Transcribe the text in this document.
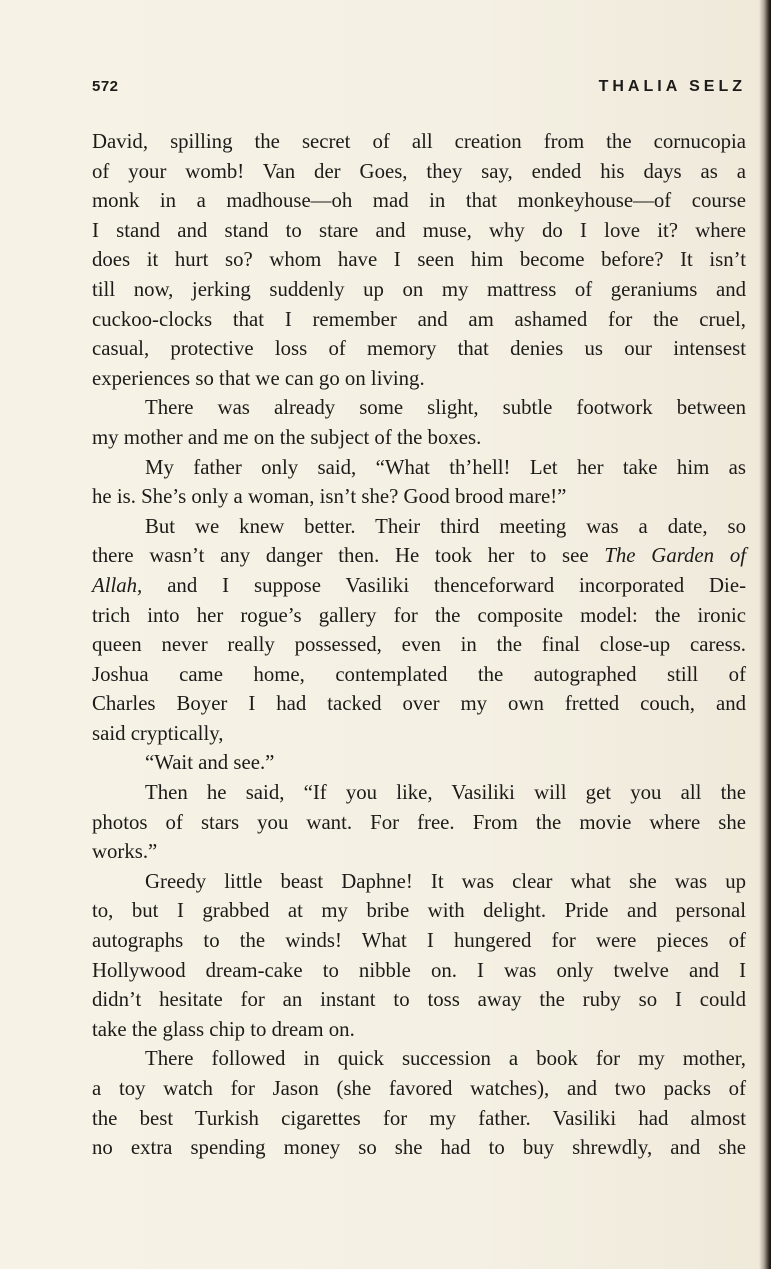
572	THALIA SELZ
David, spilling the secret of all creation from the cornucopia
of your womb! Van der Goes, they say, ended his days as a
monk in a madhouse—oh mad in that monkeyhouse—of course
I stand and stand to stare and muse, why do I love it? where
does it hurt so? whom have I seen him become before? It isn’t
till now, jerking suddenly up on my mattress of geraniums and
cuckoo-clocks that I remember and am ashamed for the cruel,
casual, protective loss of memory that denies us our intensest
experiences so that we can go on living.
There was already some slight, subtle footwork between
my mother and me on the subject of the boxes.
My father only said, “What th’hell! Let her take him as
he is. She’s only a woman, isn’t she? Good brood mare!”
But we knew better. Their third meeting was a date, so
there wasn’t any danger then. He took her to see The Garden of
Allah, and I suppose Vasiliki thenceforward incorporated Die-
trich into her rogue’s gallery for the composite model: the ironic
queen never really possessed, even in the final close-up caress.
Joshua came home, contemplated the autographed still of
Charles Boyer I had tacked over my own fretted couch, and
said cryptically,
“Wait and see.”
Then he said, “If you like, Vasiliki will get you all the
photos of stars you want. For free. From the movie where she
works.”
Greedy little beast Daphne! It was clear what she was up
to, but I grabbed at my bribe with delight. Pride and personal
autographs to the winds! What I hungered for were pieces of
Hollywood dream-cake to nibble on. I was only twelve and I
didn’t hesitate for an instant to toss away the ruby so I could
take the glass chip to dream on.
There followed in quick succession a book for my mother,
a toy watch for Jason (she favored watches), and two packs of
the best Turkish cigarettes for my father. Vasiliki had almost
no extra spending money so she had to buy shrewdly, and she
